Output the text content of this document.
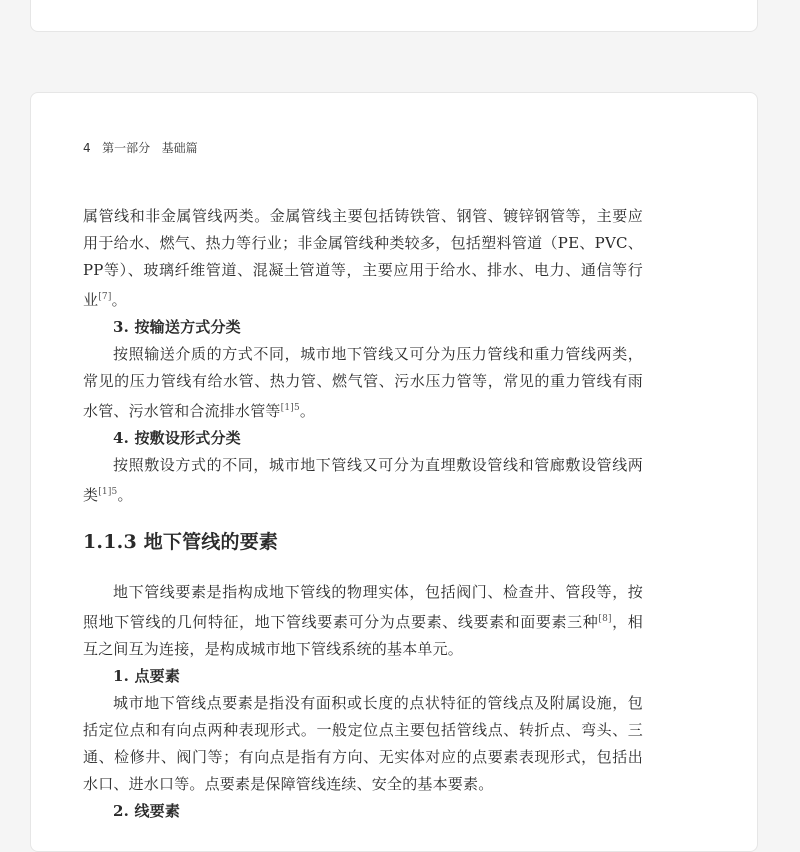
4 第一部分 基础篇

属管线和非金属管线两类。金属管线主要包括铸铁管、钢管、镀锌钢管等，主要应用于给水、燃气、热力等行业；非金属管线种类较多，包括塑料管道（PE、PVC、PP等）、玻璃纤维管道、混凝土管道等，主要应用于给水、排水、电力、通信等行业[7]。

3. 按输送方式分类

按照输送介质的方式不同，城市地下管线又可分为压力管线和重力管线两类，常见的压力管线有给水管、热力管、燃气管、污水压力管等，常见的重力管线有雨水管、污水管和合流排水管等$^{[1]5}$。

4. 按敷设形式分类

按照敷设方式的不同，城市地下管线又可分为直埋敷设管线和管廊敷设管线两类$^{[1]5}$。

1.1.3 地下管线的要素

地下管线要素是指构成地下管线的物理实体，包括阀门、检查井、管段等，按照地下管线的几何特征，地下管线要素可分为点要素、线要素和面要素三种[8]，相互之间互为连接，是构成城市地下管线系统的基本单元。

1. 点要素

城市地下管线点要素是指没有面积或长度的点状特征的管线点及附属设施，包括定位点和有向点两种表现形式。一般定位点主要包括管线点、转折点、弯头、三通、检修井、阀门等；有向点是指有方向、无实体对应的点要素表现形式，包括出水口、进水口等。点要素是保障管线连续、安全的基本要素。

2. 线要素
